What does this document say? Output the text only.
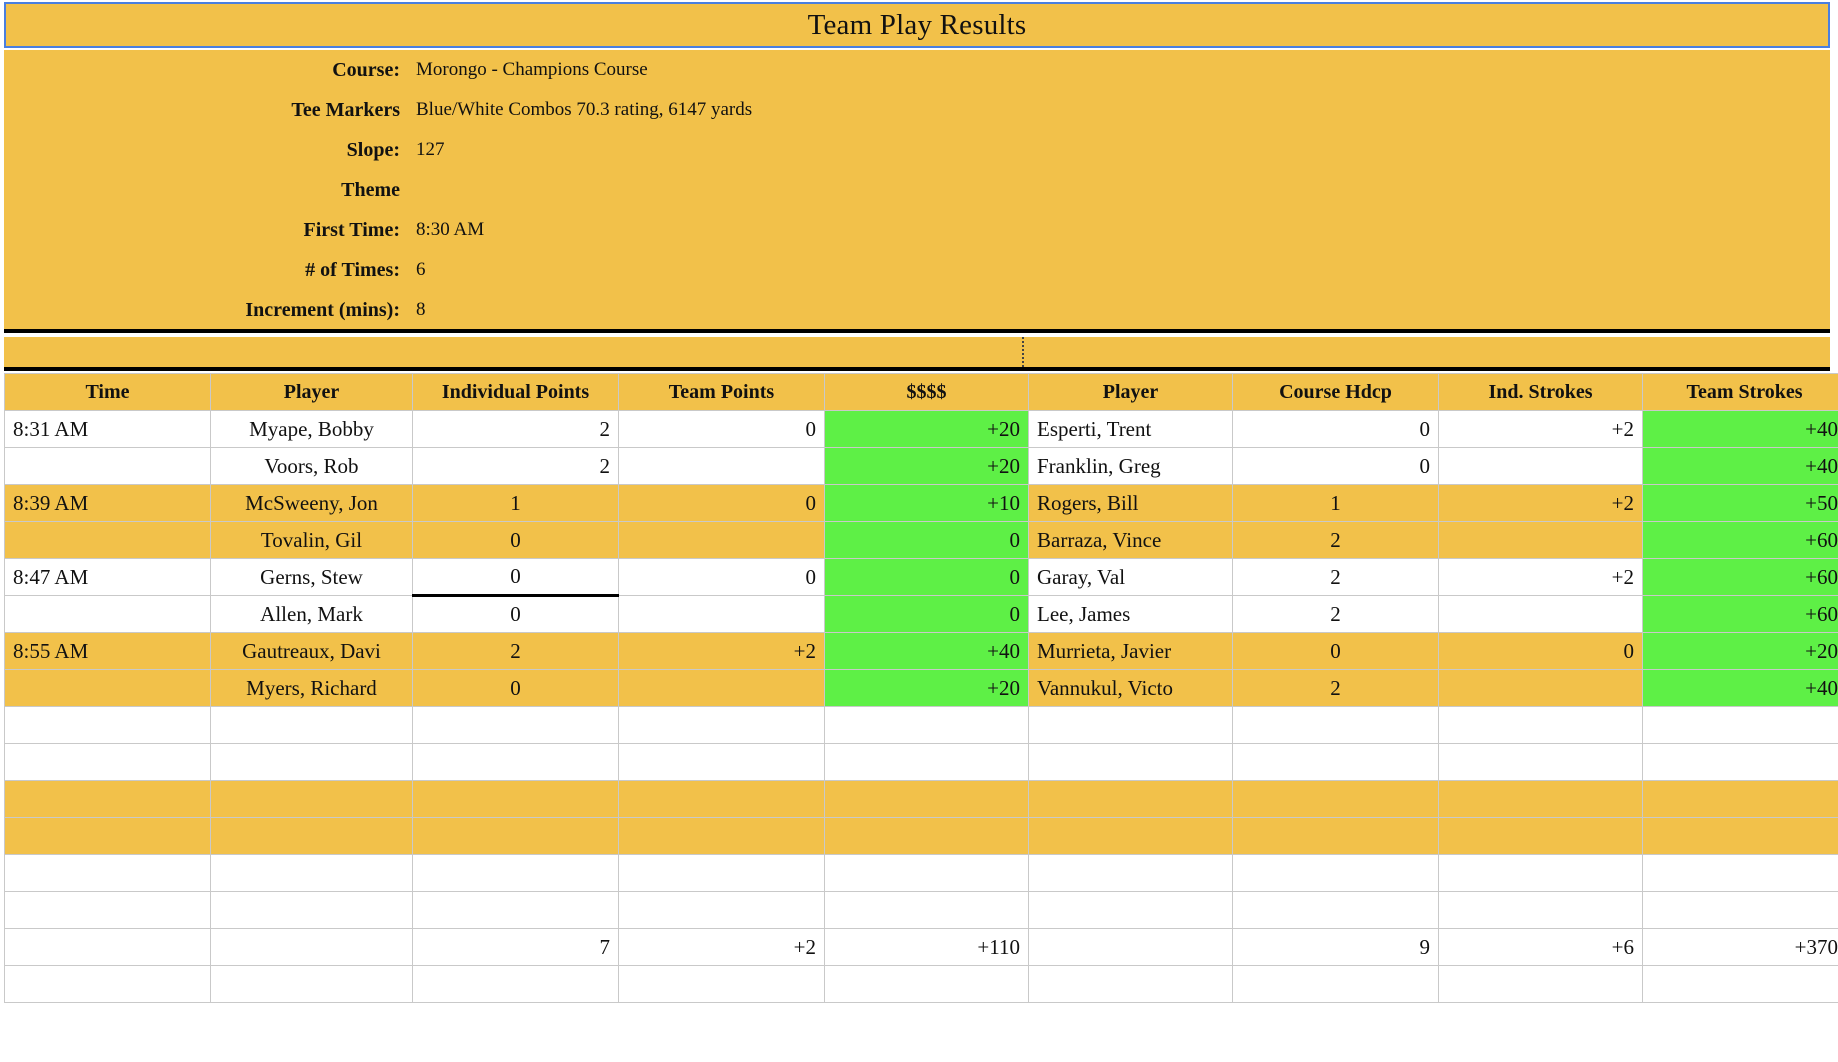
Team Play Results
Course: Morongo - Champions Course
Tee Markers Blue/White Combos 70.3 rating, 6147 yards
Slope: 127
Theme
First Time: 8:30 AM
# of Times: 6
Increment (mins): 8
Time	Player	Individual Points	Team Points	$$$$	Player	Course Hdcp	Ind. Strokes	Team Strokes
8:31 AM	Myape, Bobby	2	0	+20	Esperti, Trent	0	+2	+40
	Voors, Rob	2		+20	Franklin, Greg	0		+40
8:39 AM	McSweeny, Jon	1	0	+10	Rogers, Bill	1	+2	+50
	Tovalin, Gil	0		0	Barraza, Vince	2		+60
8:47 AM	Gerns, Stew	0	0	0	Garay, Val	2	+2	+60
	Allen, Mark	0		0	Lee, James	2		+60
8:55 AM	Gautreaux, Davi	2	+2	+40	Murrieta, Javier	0	0	+20
	Myers, Richard	0		+20	Vannukul, Victo	2		+40

		7	+2	+110		9	+6	+370
